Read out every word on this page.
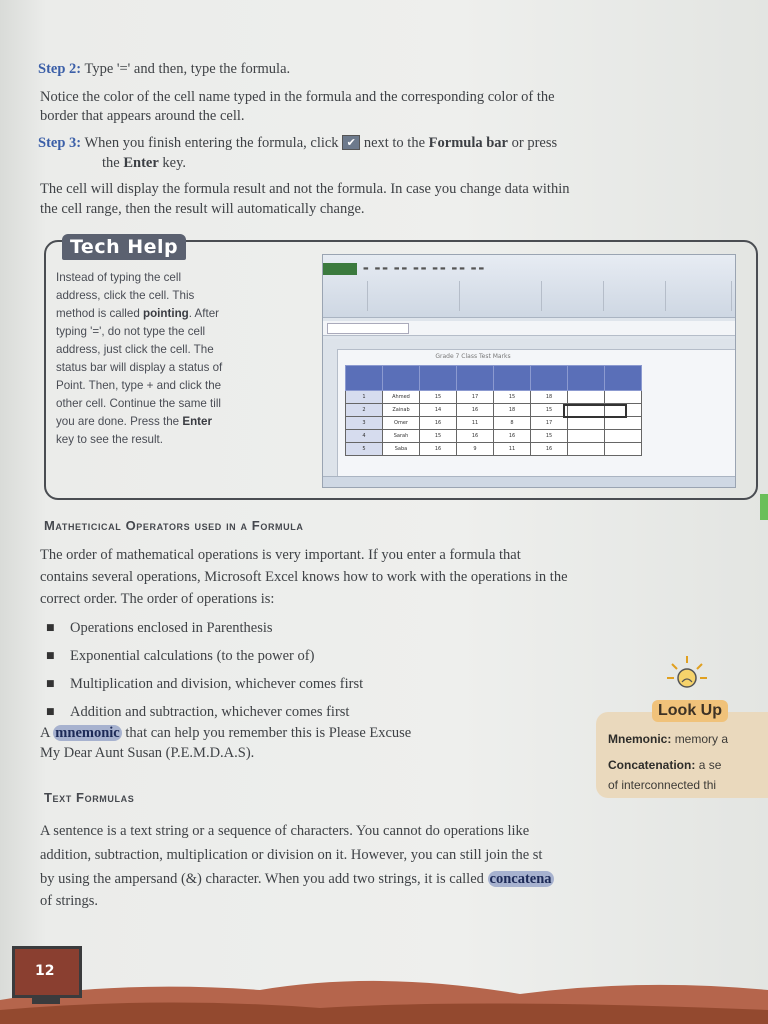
Step 2: Type '=' and then, type the formula.

Notice the color of the cell name typed in the formula and the corresponding color of the

border that appears around the cell.

Step 3: When you finish entering the formula, click ✔ next to the Formula bar or press

the Enter key.

The cell will display the formula result and not the formula. In case you change data within

the cell range, then the result will automatically change.

Tech Help
Instead of typing the cell
address, click the cell. This
method is called pointing. After
typing '=', do not type the cell
address, just click the cell. The
status bar will display a status of
Point. Then, type + and click the
other cell. Continue the same till
you are done. Press the Enter
key to see the result.
▬ ▬▬ ▬▬ ▬▬ ▬▬ ▬▬ ▬▬
Grade 7 Class Test Marks

1	Ahmed	15	17	15	18		
2	Zainab	14	16	18	15		
3	Omer	16	11	8	17		
4	Sarah	15	16	16	15		
5	Saba	16	9	11	16		
Matheticical Operators used in a Formula

The order of mathematical operations is very important. If you enter a formula that

contains several operations, Microsoft Excel knows how to work with the operations in the

correct order. The order of operations is:

■ Operations enclosed in Parenthesis
■ Exponential calculations (to the power of)
■ Multiplication and division, whichever comes first
■ Addition and subtraction, whichever comes first

A mnemonic that can help you remember this is Please Excuse

My Dear Aunt Susan (P.E.M.D.A.S).

Look Up
Mnemonic: memory a
Concatenation: a se
of interconnected thi
Text Formulas

A sentence is a text string or a sequence of characters. You cannot do operations like

addition, subtraction, multiplication or division on it. However, you can still join the st

by using the ampersand (&) character. When you add two strings, it is called concatena

of strings.

12
